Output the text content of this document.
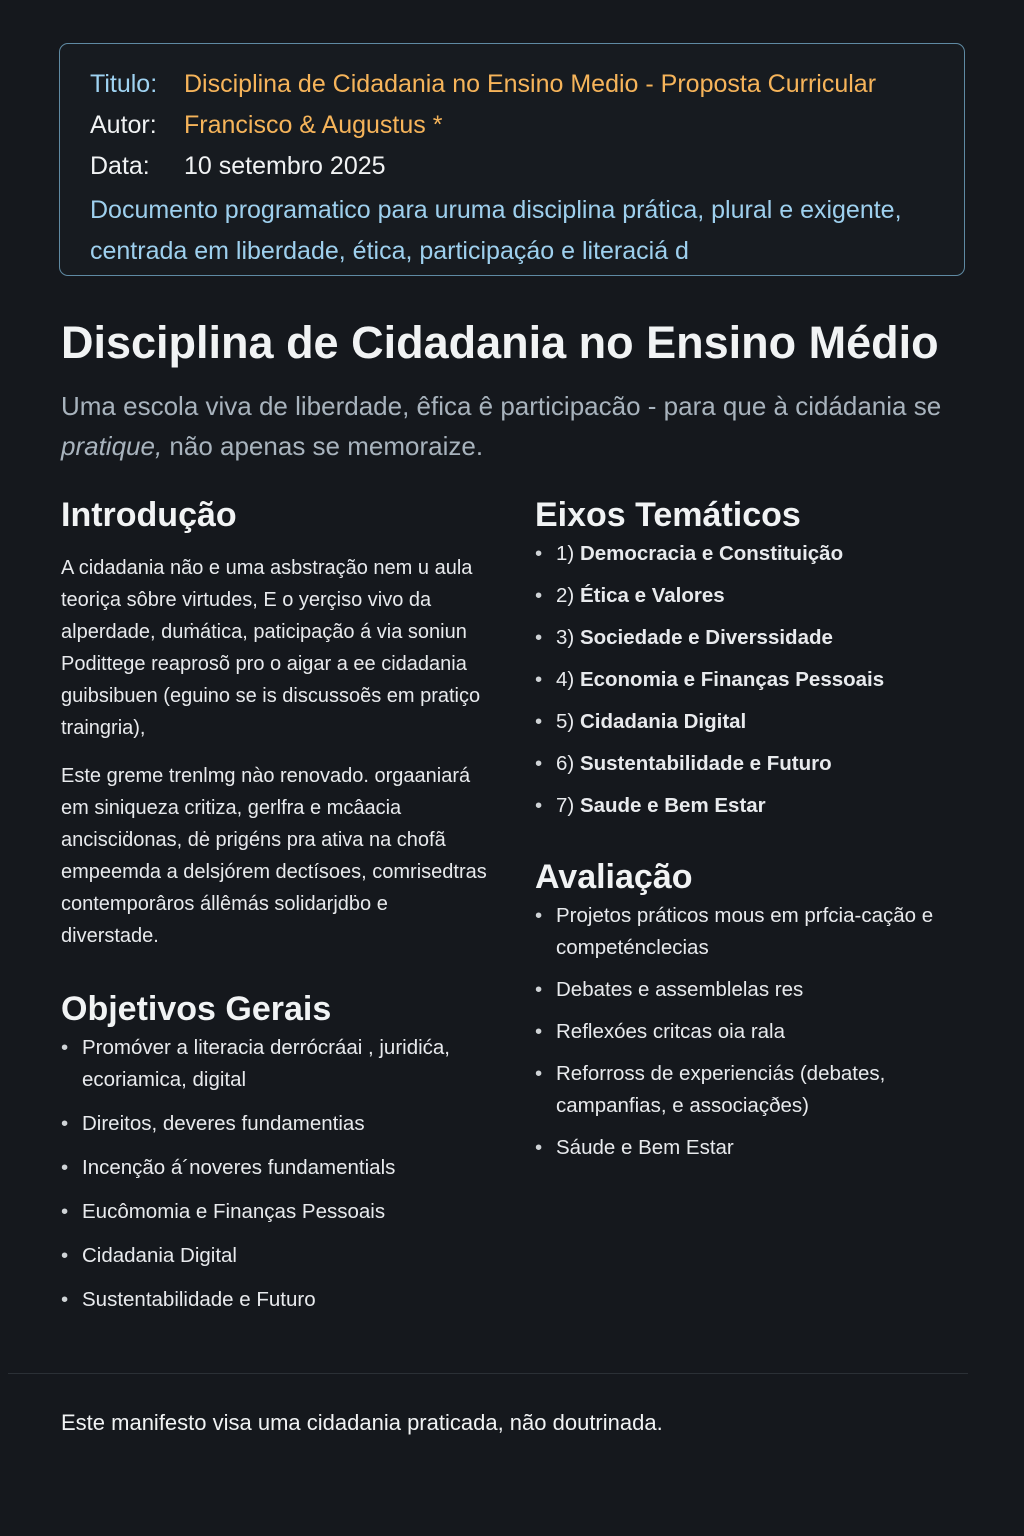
Titulo:	Disciplina de Cidadania no Ensino Medio - Proposta Curricular
Autor:	Francisco & Augustus *
Data:	10 setembro 2025
Documento programatico para uruma disciplina prática, plural e exigente, centrada em liberdade, ética, participaçáo e literaciá d
Disciplina de Cidadania no Ensino Médio

Uma escola viva de liberdade, êfica ê participacão - para que à cidádania se pratique, não apenas se memoraize.

Introdução

A cidadania não e uma asbstração nem u aula teoriça sôbre virtudes, E o yerçiso vivo da alperdade, duṁática, paticipação á via soniun Podittege reaprosõ pro o aigar a ee cidadania guibsibuen (eguino se is discussoẽs em pratiço traingria),

Este greme trenlmg nào renovado. orgaaniará em siniqueza critiza, gerlfra e mcâacia ancisciḋonas, dė prigéns pra ativa na chofã empeemda a delsjórem dectísoes, comrisedtras contemporâros állêmás solidarjdḃo e diverstade.

Objetivos Gerais
• Promóver a literacia derrócráai , juridića, ecoriamica, digital
• Direitos, deveres fundamentias
• Incenção á´noveres fundamentials
• Eucômomia e Finanças Pessoais
• Cidadania Digital
• Sustentabilidade e Futuro
Eixos Temáticos
• 1) Democracia e Constituição
• 2) Ética e Valores
• 3) Sociedade e Diverssidade
• 4) Economia e Finanças Pessoais
• 5) Cidadania Digital
• 6) Sustentabilidade e Futuro
• 7) Saude e Bem Estar
Avaliação
• Projetos práticos mous em prfcia-cação e competénclecias
• Debates e assemblelas res
• Reflexóes critcas oia rala
• Reforross de experienciás (debates, campanfias, e associaçðes)
• Sáude e Bem Estar

Este manifesto visa uma cidadania praticada, não doutrinada.
